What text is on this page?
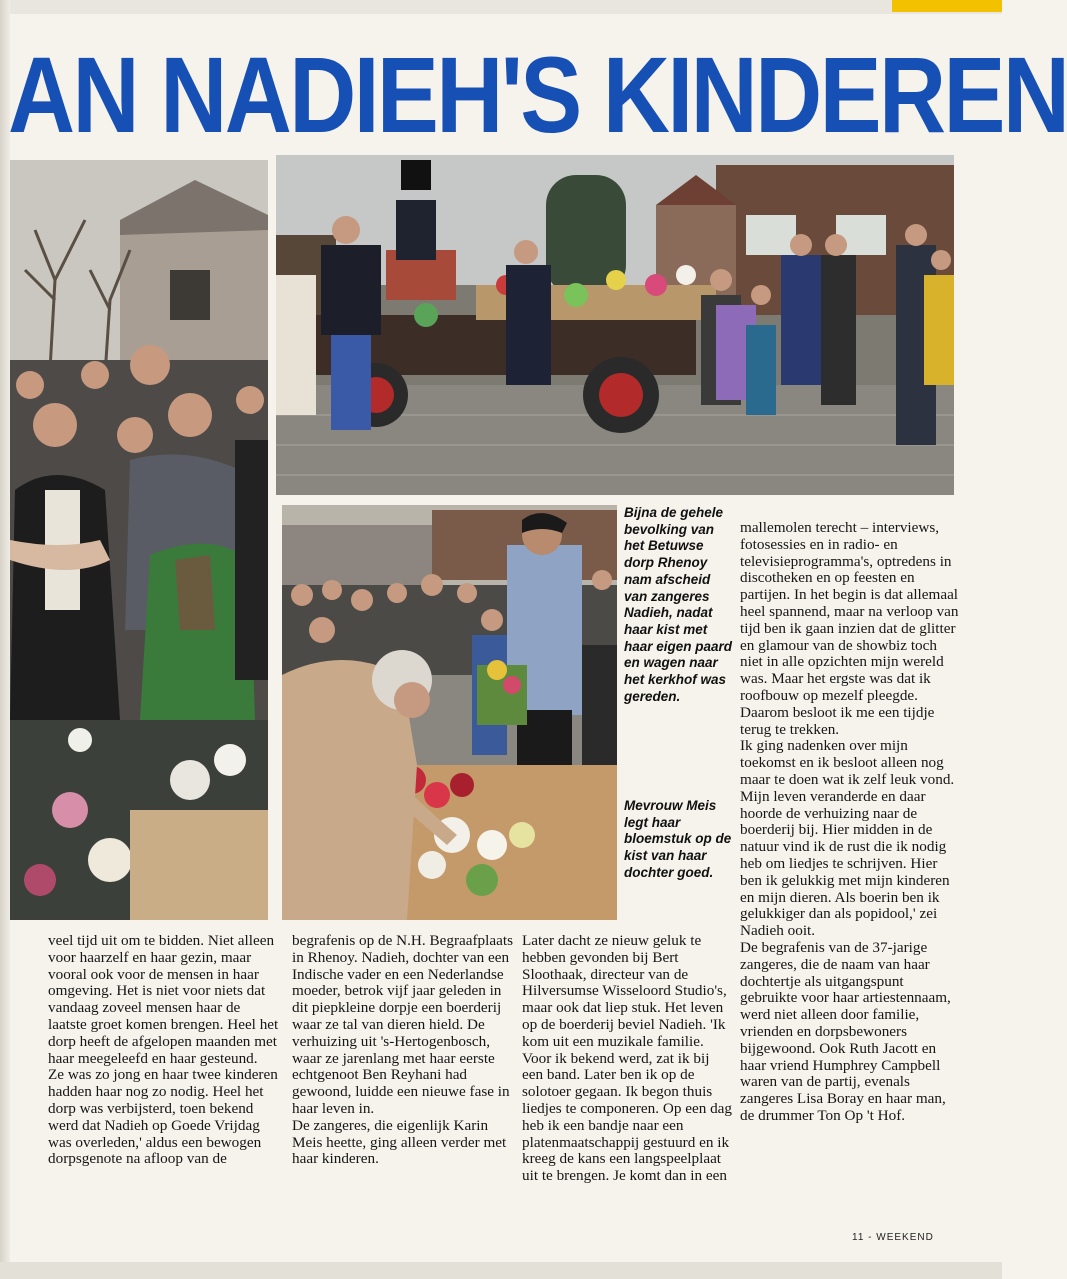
AN NADIEH'S KINDEREN
Bijna de gehele bevolking van het Betuwse dorp Rhenoy nam afscheid van zangeres Nadieh, nadat haar kist met haar eigen paard en wagen naar het kerkhof was gereden.
Mevrouw Meis legt haar bloemstuk op de kist van haar dochter goed.

veel tijd uit om te bidden. Niet alleen voor haarzelf en haar gezin, maar vooral ook voor de mensen in haar omgeving. Het is niet voor niets dat vandaag zoveel mensen haar de laatste groet komen brengen. Heel het dorp heeft de afgelopen maanden met haar meegeleefd en haar gesteund.

Ze was zo jong en haar twee kinderen hadden haar nog zo nodig. Heel het dorp was verbijsterd, toen bekend werd dat Nadieh op Goede Vrijdag was overleden,' aldus een bewogen dorpsgenote na afloop van de

begrafenis op de N.H. Begraafplaats in Rhenoy. Nadieh, dochter van een Indische vader en een Nederlandse moeder, betrok vijf jaar geleden in dit piepkleine dorpje een boerderij waar ze tal van dieren hield. De verhuizing uit 's-Hertogenbosch, waar ze jarenlang met haar eerste echtgenoot Ben Reyhani had gewoond, luidde een nieuwe fase in haar leven in.

De zangeres, die eigenlijk Karin Meis heette, ging alleen verder met haar kinderen.

Later dacht ze nieuw geluk te hebben gevonden bij Bert Sloothaak, directeur van de Hilversumse Wisseloord Studio's, maar ook dat liep stuk. Het leven op de boerderij beviel Nadieh. 'Ik kom uit een muzikale familie. Voor ik bekend werd, zat ik bij een band. Later ben ik op de solotoer gegaan. Ik begon thuis liedjes te componeren. Op een dag heb ik een bandje naar een platenmaatschappij gestuurd en ik kreeg de kans een langspeelplaat uit te brengen. Je komt dan in een

mallemolen terecht – interviews, fotosessies en in radio- en televisieprogramma's, optredens in discotheken en op feesten en partijen. In het begin is dat allemaal heel spannend, maar na verloop van tijd ben ik gaan inzien dat de glitter en glamour van de showbiz toch niet in alle opzichten mijn wereld was. Maar het ergste was dat ik roofbouw op mezelf pleegde. Daarom besloot ik me een tijdje terug te trekken.

Ik ging nadenken over mijn toekomst en ik besloot alleen nog maar te doen wat ik zelf leuk vond. Mijn leven veranderde en daar hoorde de verhuizing naar de boerderij bij. Hier midden in de natuur vind ik de rust die ik nodig heb om liedjes te schrijven. Hier ben ik gelukkig met mijn kinderen en mijn dieren. Als boerin ben ik gelukkiger dan als popidool,' zei Nadieh ooit.

De begrafenis van de 37-jarige zangeres, die de naam van haar dochtertje als uitgangspunt gebruikte voor haar artiestennaam, werd niet alleen door familie, vrienden en dorpsbewoners bijgewoond. Ook Ruth Jacott en haar vriend Humphrey Campbell waren van de partij, evenals zangeres Lisa Boray en haar man, de drummer Ton Op 't Hof.

11 - WEEKEND
